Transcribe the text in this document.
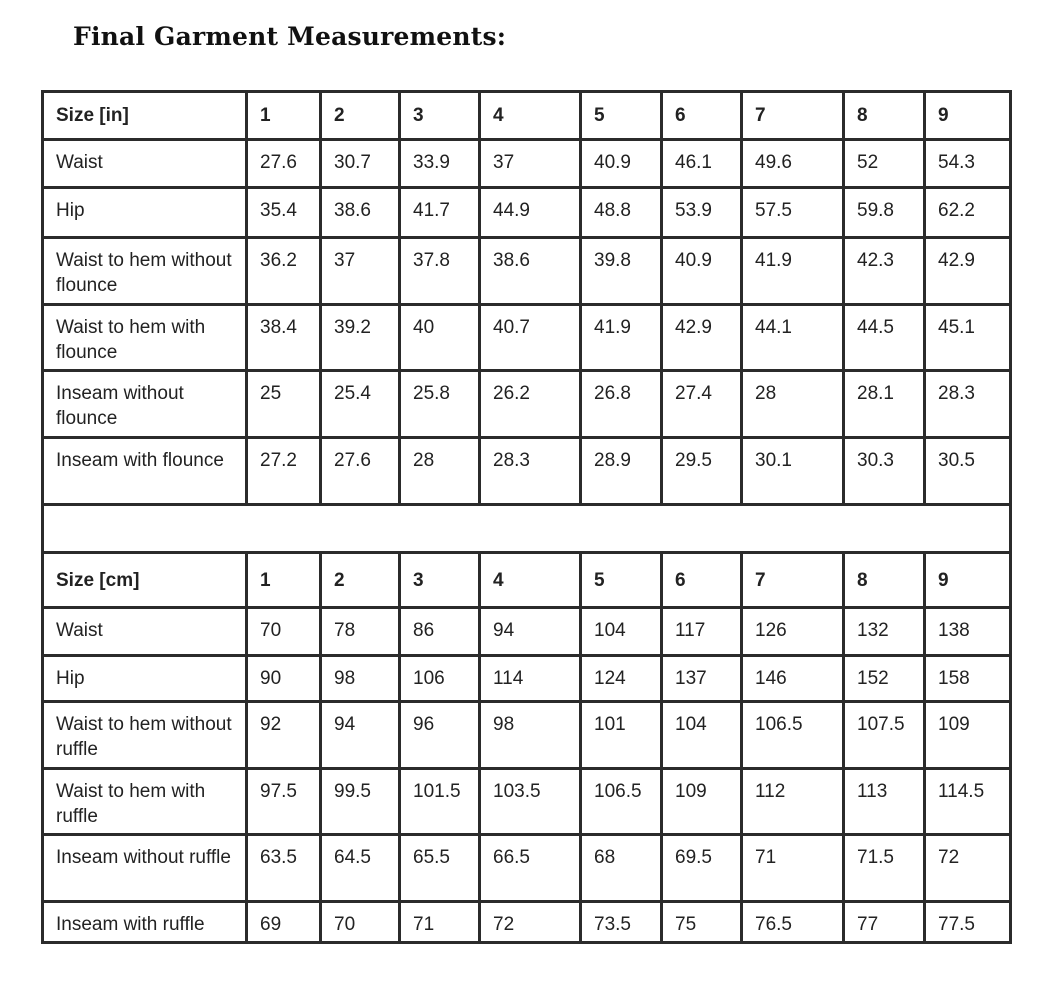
Final Garment Measurements:
Size [in]	1	2	3	4	5	6	7	8	9
Waist	27.6	30.7	33.9	37	40.9	46.1	49.6	52	54.3
Hip	35.4	38.6	41.7	44.9	48.8	53.9	57.5	59.8	62.2
Waist to hem without flounce	36.2	37	37.8	38.6	39.8	40.9	41.9	42.3	42.9
Waist to hem with flounce	38.4	39.2	40	40.7	41.9	42.9	44.1	44.5	45.1
Inseam without flounce	25	25.4	25.8	26.2	26.8	27.4	28	28.1	28.3
Inseam with flounce	27.2	27.6	28	28.3	28.9	29.5	30.1	30.3	30.5

Size [cm]	1	2	3	4	5	6	7	8	9
Waist	70	78	86	94	104	117	126	132	138
Hip	90	98	106	114	124	137	146	152	158
Waist to hem without ruffle	92	94	96	98	101	104	106.5	107.5	109
Waist to hem with ruffle	97.5	99.5	101.5	103.5	106.5	109	112	113	114.5
Inseam without ruffle	63.5	64.5	65.5	66.5	68	69.5	71	71.5	72
Inseam with ruffle	69	70	71	72	73.5	75	76.5	77	77.5
